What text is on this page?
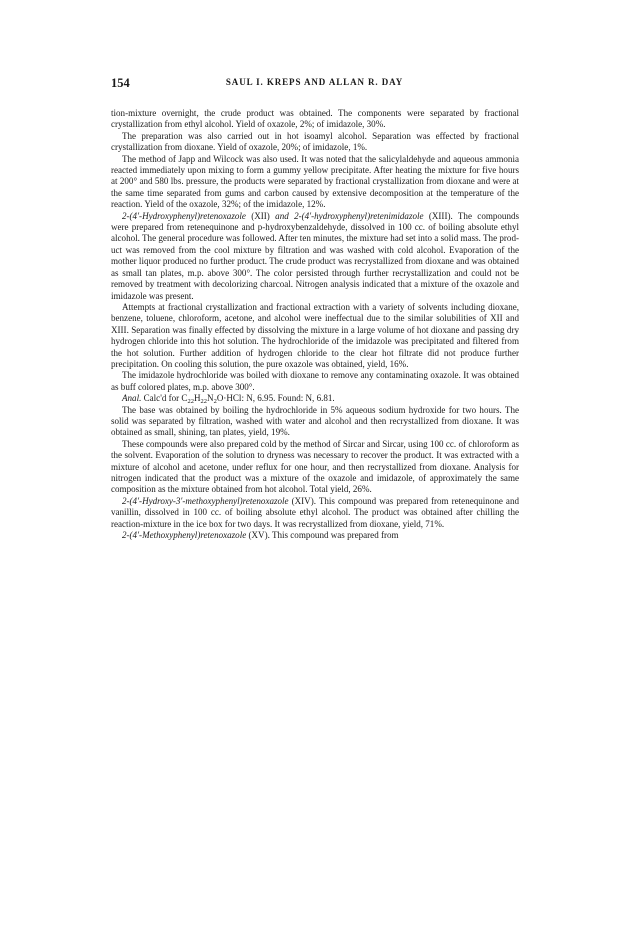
154	SAUL I. KREPS AND ALLAN R. DAY

tion-mixture overnight, the crude product was obtained. The components were separated by fractional crystallization from ethyl alcohol. Yield of oxazole, 2%; of imidazole, 30%.

The preparation was also carried out in hot isoamyl alcohol. Separation was effected by fractional crystallization from dioxane. Yield of oxazole, 20%; of imidazole, 1%.

The method of Japp and Wilcock was also used. It was noted that the salicylaldehyde and aqueous ammonia reacted immediately upon mixing to form a gummy yellow precipitate. After heating the mixture for five hours at 200° and 580 lbs. pressure, the products were separated by fractional crystallization from dioxane and were at the same time separated from gums and carbon caused by extensive decomposition at the temperature of the reaction. Yield of the oxazole, 32%; of the imidazole, 12%.

2-(4′-Hydroxyphenyl)retenoxazole (XII) and 2-(4′-hydroxyphenyl)retenimidazole (XIII). The compounds were prepared from retenequinone and p-hydroxybenzaldehyde, dissolved in 100 cc. of boiling absolute ethyl alcohol. The general procedure was followed. After ten minutes, the mixture had set into a solid mass. The product was removed from the cool mixture by filtration and was washed with cold alcohol. Evaporation of the mother liquor produced no further product. The crude product was recrystallized from dioxane and was obtained as small tan plates, m.p. above 300°. The color persisted through further recrystallization and could not be removed by treatment with decolorizing charcoal. Nitrogen analysis indicated that a mixture of the oxazole and imidazole was present.

Attempts at fractional crystallization and fractional extraction with a variety of solvents including dioxane, benzene, toluene, chloroform, acetone, and alcohol were ineffectual due to the similar solubilities of XII and XIII. Separation was finally effected by dissolving the mixture in a large volume of hot dioxane and passing dry hydrogen chloride into this hot solution. The hydrochloride of the imidazole was precipitated and filtered from the hot solution. Further addition of hydrogen chloride to the clear hot filtrate did not produce further precipitation. On cooling this solution, the pure oxazole was obtained, yield, 16%.

The imidazole hydrochloride was boiled with dioxane to remove any contaminating oxazole. It was obtained as buff colored plates, m.p. above 300°.

Anal. Calc'd for $C_{22}H_{22}N_2O\cdot HCl$: N, 6.95. Found: N, 6.81.

The base was obtained by boiling the hydrochloride in 5% aqueous sodium hydroxide for two hours. The solid was separated by filtration, washed with water and alcohol and then recrystallized from dioxane. It was obtained as small, shining, tan plates, yield, 19%.

These compounds were also prepared cold by the method of Sircar and Sircar, using 100 cc. of chloroform as the solvent. Evaporation of the solution to dryness was necessary to recover the product. It was extracted with a mixture of alcohol and acetone, under reflux for one hour, and then recrystallized from dioxane. Analysis for nitrogen indicated that the product was a mixture of the oxazole and imidazole, of approximately the same composition as the mixture obtained from hot alcohol. Total yield, 26%.

2-(4′-Hydroxy-3′-methoxyphenyl)retenoxazole (XIV). This compound was prepared from retenequinone and vanillin, dissolved in 100 cc. of boiling absolute ethyl alcohol. The product was obtained after chilling the reaction-mixture in the ice box for two days. It was recrystallized from dioxane, yield, 71%.

2-(4′-Methoxyphenyl)retenoxazole (XV). This compound was prepared from
